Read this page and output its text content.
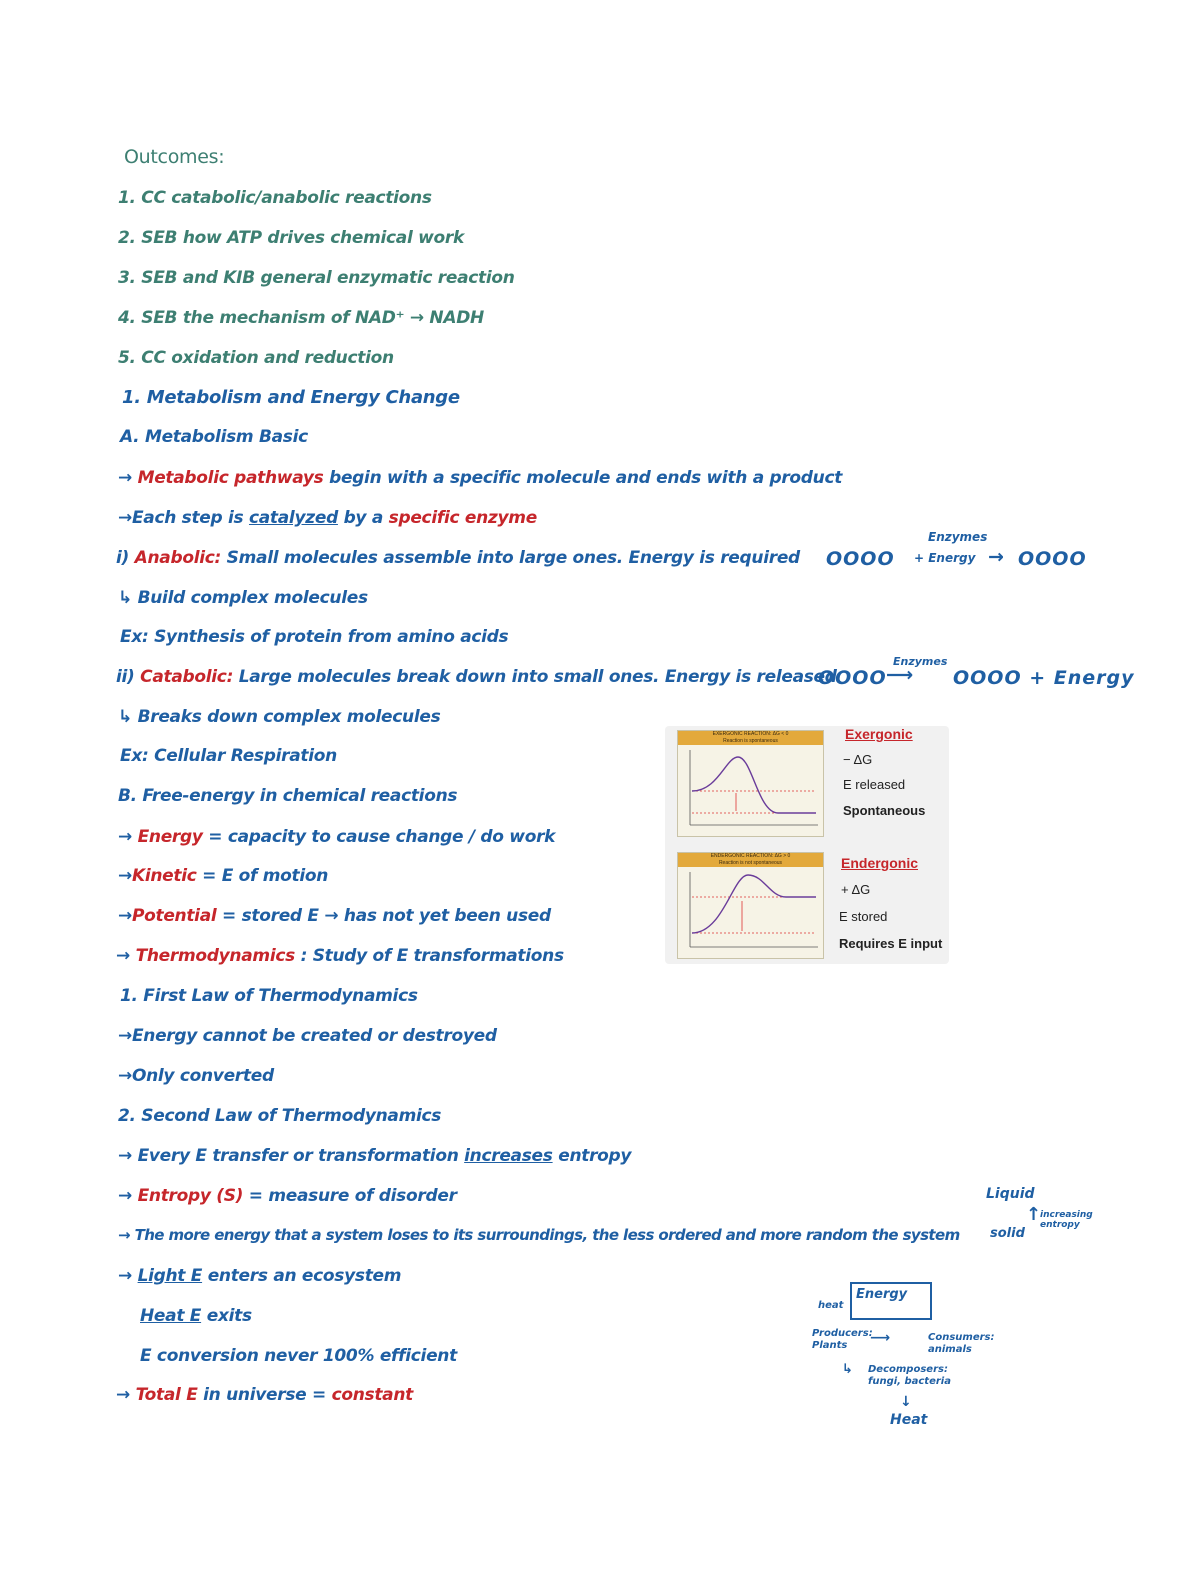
Outcomes:
1. CC catabolic/anabolic reactions
2. SEB how ATP drives chemical work
3. SEB and KIB general enzymatic reaction
4. SEB the mechanism of NAD⁺ → NADH
5. CC oxidation and reduction
1. Metabolism and Energy Change
A. Metabolism Basic
→ Metabolic pathways begin with a specific molecule and ends with a product
→Each step is catalyzed by a specific enzyme
i) Anabolic: Small molecules assemble into large ones. Energy is required
↳ Build complex molecules
Ex: Synthesis of protein from amino acids
ii) Catabolic: Large molecules break down into small ones. Energy is released
↳ Breaks down complex molecules
Ex: Cellular Respiration
B. Free-energy in chemical reactions
→ Energy = capacity to cause change / do work
→Kinetic = E of motion
→Potential = stored E → has not yet been used
→ Thermodynamics : Study of E transformations
1. First Law of Thermodynamics
→Energy cannot be created or destroyed
→Only converted
2. Second Law of Thermodynamics
→ Every E transfer or transformation increases entropy
→ Entropy (S) = measure of disorder
→ The more energy that a system loses to its surroundings, the less ordered and more random the system
→ Light E enters an ecosystem
Heat E exits
E conversion never 100% efficient
→ Total E in universe = constant
OOOO
Enzymes
+ Energy → OOOO
OOOO
Enzymes
⟶ OOOO + Energy
EXERGONIC REACTION: ΔG < 0
Reaction is spontaneous
ENDERGONIC REACTION: ΔG > 0
Reaction is not spontaneous
Exergonic
− ΔG
E released
Spontaneous
Endergonic
+ ΔG
E stored
Requires E input
Liquid
solid
↑
increasing entropy
Energy
heat
Producers: Plants	⟶	Consumers: animals
↳ Decomposers: fungi, bacteria
↓
Heat
